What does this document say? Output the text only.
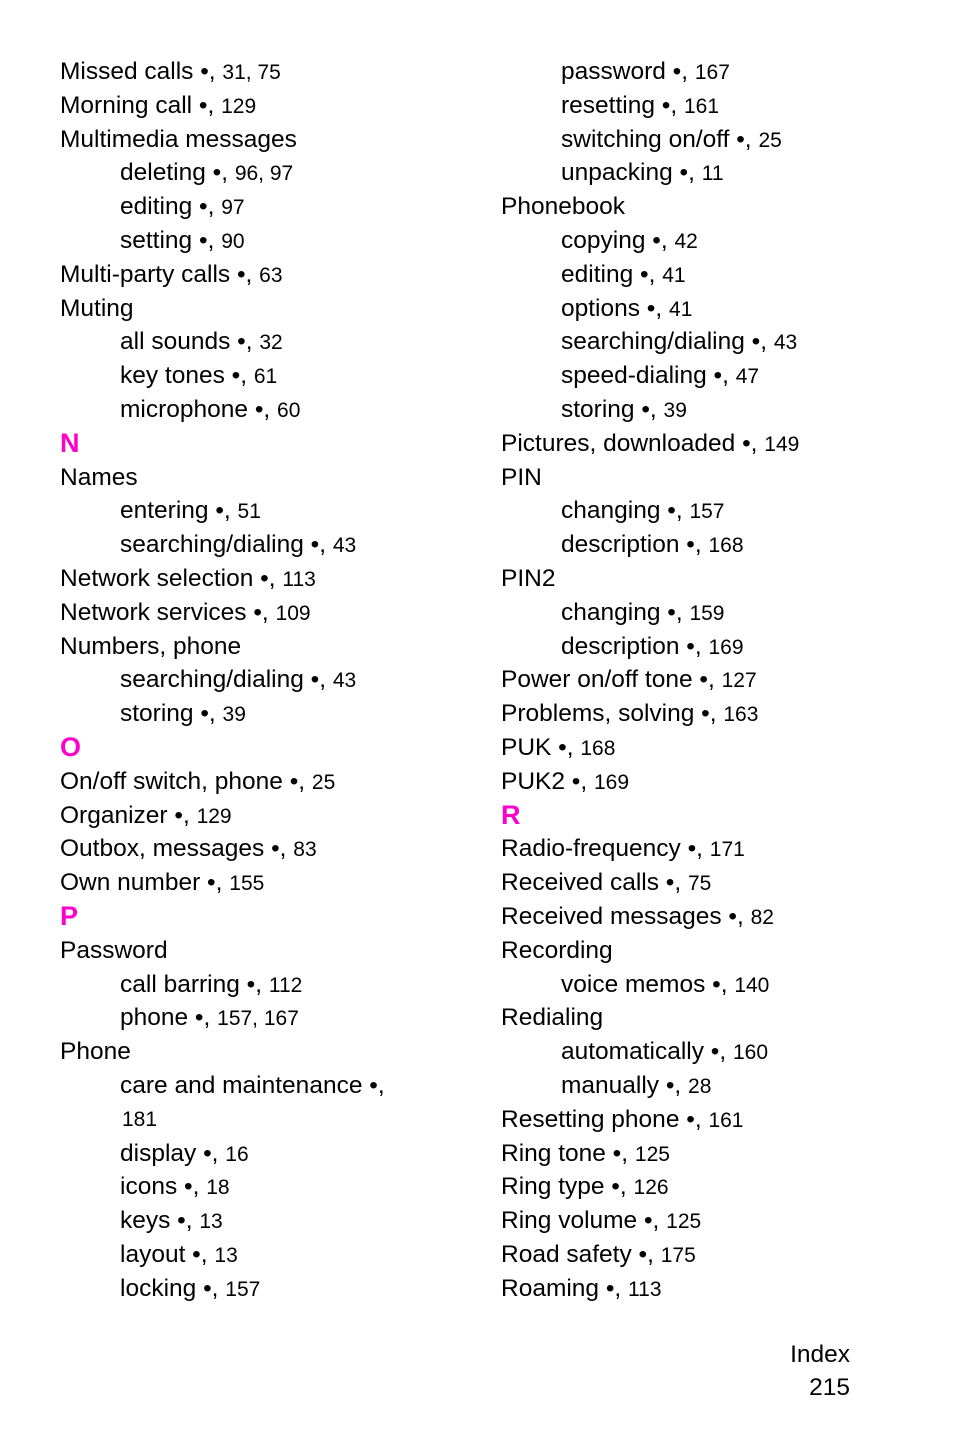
Missed calls •, 31, 75
Morning call •, 129
Multimedia messages
deleting •, 96, 97
editing •, 97
setting •, 90
Multi-party calls •, 63
Muting
all sounds •, 32
key tones •, 61
microphone •, 60
N
Names
entering •, 51
searching/dialing •, 43
Network selection •, 113
Network services •, 109
Numbers, phone
searching/dialing •, 43
storing •, 39
O
On/off switch, phone •, 25
Organizer •, 129
Outbox, messages •, 83
Own number •, 155
P
Password
call barring •, 112
phone •, 157, 167
Phone
care and maintenance •,
181
display •, 16
icons •, 18
keys •, 13
layout •, 13
locking •, 157
password •, 167
resetting •, 161
switching on/off •, 25
unpacking •, 11
Phonebook
copying •, 42
editing •, 41
options •, 41
searching/dialing •, 43
speed-dialing •, 47
storing •, 39
Pictures, downloaded •, 149
PIN
changing •, 157
description •, 168
PIN2
changing •, 159
description •, 169
Power on/off tone •, 127
Problems, solving •, 163
PUK •, 168
PUK2 •, 169
R
Radio-frequency •, 171
Received calls •, 75
Received messages •, 82
Recording
voice memos •, 140
Redialing
automatically •, 160
manually •, 28
Resetting phone •, 161
Ring tone •, 125
Ring type •, 126
Ring volume •, 125
Road safety •, 175
Roaming •, 113
Index
215
